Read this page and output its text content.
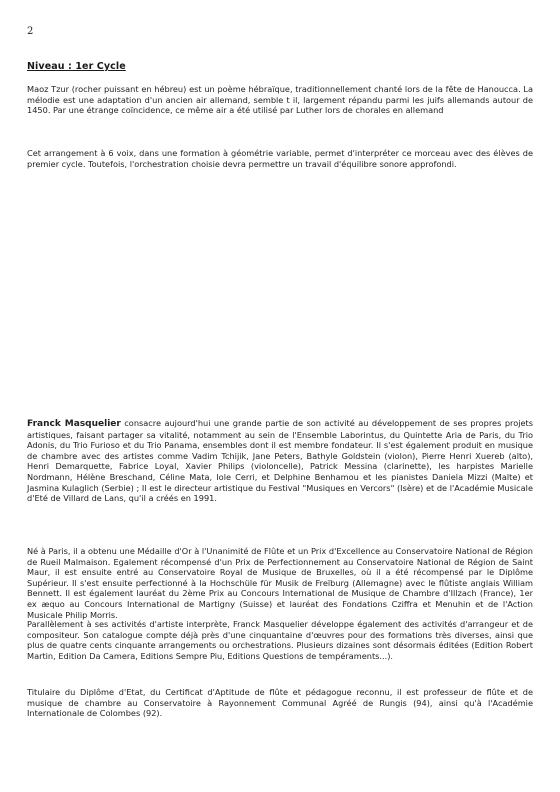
2
Niveau : 1er Cycle

Maoz Tzur (rocher puissant en hébreu) est un poème hébraïque, traditionnellement chanté lors de la fête de Hanoucca. La mélodie est une adaptation d'un ancien air allemand, semble t il, largement répandu parmi les juifs allemands autour de 1450. Par une étrange coïncidence, ce même air a été utilisé par Luther lors de chorales en allemand

Cet arrangement à 6 voix, dans une formation à géométrie variable, permet d'interpréter ce morceau avec des élèves de premier cycle. Toutefois, l'orchestration choisie devra permettre un travail d'équilibre sonore approfondi.

Franck Masquelier consacre aujourd'hui une grande partie de son activité au développement de ses propres projets artistiques, faisant partager sa vitalité, notamment au sein de l'Ensemble Laborintus, du Quintette Aria de Paris, du Trio Adonis, du Trio Furioso et du Trio Panama, ensembles dont il est membre fondateur. Il s'est également produit en musique de chambre avec des artistes comme Vadim Tchijik, Jane Peters, Bathyle Goldstein (violon), Pierre Henri Xuereb (alto), Henri Demarquette, Fabrice Loyal, Xavier Philips (violoncelle), Patrick Messina (clarinette), les harpistes Marielle Nordmann, Hélène Breschand, Céline Mata, Iole Cerri, et Delphine Benhamou et les pianistes Daniela Mizzi (Malte) et Jasmina Kulaglich (Serbie) ; Il est le directeur artistique du Festival "Musiques en Vercors" (Isère) et de l'Académie Musicale d'Eté de Villard de Lans, qu'il a créés en 1991.

Né à Paris, il a obtenu une Médaille d'Or à l'Unanimité de Flûte et un Prix d'Excellence au Conservatoire National de Région de Rueil Malmaison. Egalement récompensé d'un Prix de Perfectionnement au Conservatoire National de Région de Saint Maur, il est ensuite entré au Conservatoire Royal de Musique de Bruxelles, où il a été récompensé par le Diplôme Supérieur. Il s'est ensuite perfectionné à la Hochschüle für Musik de Freïburg (Allemagne) avec le flûtiste anglais William Bennett. Il est également lauréat du 2ème Prix au Concours International de Musique de Chambre d'Illzach (France), 1er ex æquo au Concours International de Martigny (Suisse) et lauréat des Fondations Cziffra et Menuhin et de l'Action Musicale Philip Morris.

Parallèlement à ses activités d'artiste interprète, Franck Masquelier développe également des activités d'arrangeur et de compositeur. Son catalogue compte déjà près d'une cinquantaine d'œuvres pour des formations très diverses, ainsi que plus de quatre cents cinquante arrangements ou orchestrations. Plusieurs dizaines sont désormais éditées (Edition Robert Martin, Edition Da Camera, Editions Sempre Piu, Editions Questions de tempéraments...).

Titulaire du Diplôme d'Etat, du Certificat d'Aptitude de flûte et pédagogue reconnu, il est professeur de flûte et de musique de chambre au Conservatoire à Rayonnement Communal Agréé de Rungis (94), ainsi qu'à l'Académie Internationale de Colombes (92).
